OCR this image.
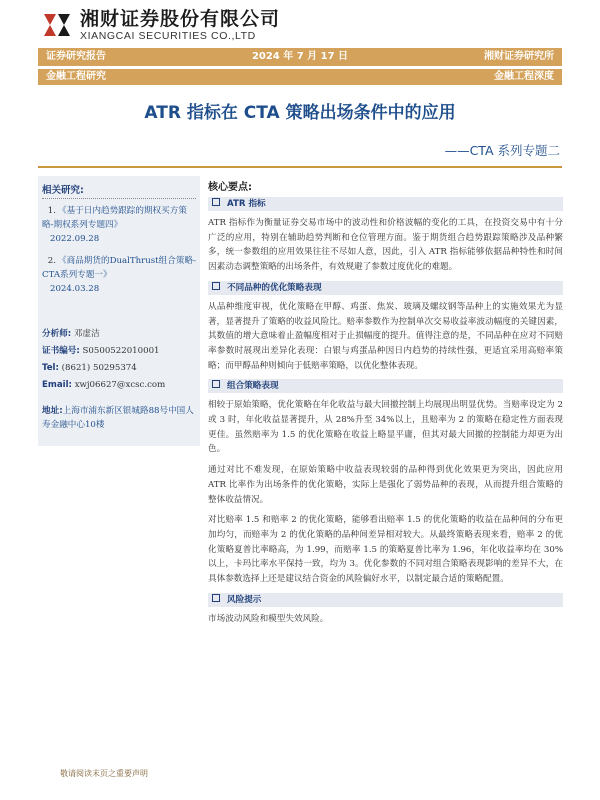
湘财证券股份有限公司
XIANGCAI SECURITIES CO.,LTD
证券研究报告	2024 年 7 月 17 日	湘财证券研究所
金融工程研究	金融工程深度
ATR 指标在 CTA 策略出场条件中的应用
——CTA 系列专题二
相关研究:
1. 《基于日内趋势跟踪的期权买方策略-期权系列专题四》
2022.09.28
2. 《商品期货的DualThrust组合策略-CTA系列专题一》
2024.03.28
分析师: 邓虚洁
证书编号: S0500522010001
Tel: (8621) 50295374
Email: xwj06627@xcsc.com
地址:上海市浦东新区银城路88号中国人寿金融中心10楼
核心要点:
ATR 指标

ATR 指标作为衡量证券交易市场中的波动性和价格波幅的变化的工具，在投资交易中有十分广泛的应用，特别在辅助趋势判断和仓位管理方面。鉴于期货组合趋势跟踪策略涉及品种繁多，统一参数组的应用效果往往不尽如人意，因此，引入 ATR 指标能够依据品种特性和时间因素动态调整策略的出场条件，有效规避了参数过度优化的难题。

不同品种的优化策略表现

从品种维度审视，优化策略在甲醇、鸡蛋、焦炭、玻璃及螺纹钢等品种上的实施效果尤为显著，显著提升了策略的收益风险比。赔率参数作为控制单次交易收益率波动幅度的关键因素，其数值的增大意味着止盈幅度相对于止损幅度的提升。值得注意的是，不同品种在应对不同赔率参数时展现出差异化表现：白银与鸡蛋品种因日内趋势的持续性强，更适宜采用高赔率策略；而甲醇品种则倾向于低赔率策略，以优化整体表现。

组合策略表现

相较于原始策略，优化策略在年化收益与最大回撤控制上均展现出明显优势。当赔率设定为 2 或 3 时，年化收益显著提升，从 28%升至 34%以上，且赔率为 2 的策略在稳定性方面表现更佳。虽然赔率为 1.5 的优化策略在收益上略显平庸，但其对最大回撤的控制能力却更为出色。

通过对比不难发现，在原始策略中收益表现较弱的品种得到优化效果更为突出，因此应用 ATR 比率作为出场条件的优化策略，实际上是强化了弱势品种的表现，从而提升组合策略的整体收益情况。

对比赔率 1.5 和赔率 2 的优化策略，能够看出赔率 1.5 的优化策略的收益在品种间的分布更加均匀，而赔率为 2 的优化策略的品种间差异相对较大。从最终策略表现来看，赔率 2 的优化策略夏普比率略高，为 1.99，而赔率 1.5 的策略夏普比率为 1.96，年化收益率均在 30%以上，卡玛比率水平保持一致，均为 3。优化参数的不同对组合策略表现影响的差异不大，在具体参数选择上还是建议结合资金的风险偏好水平，以制定最合适的策略配置。

风险提示

市场波动风险和模型失效风险。

敬请阅读末页之重要声明
